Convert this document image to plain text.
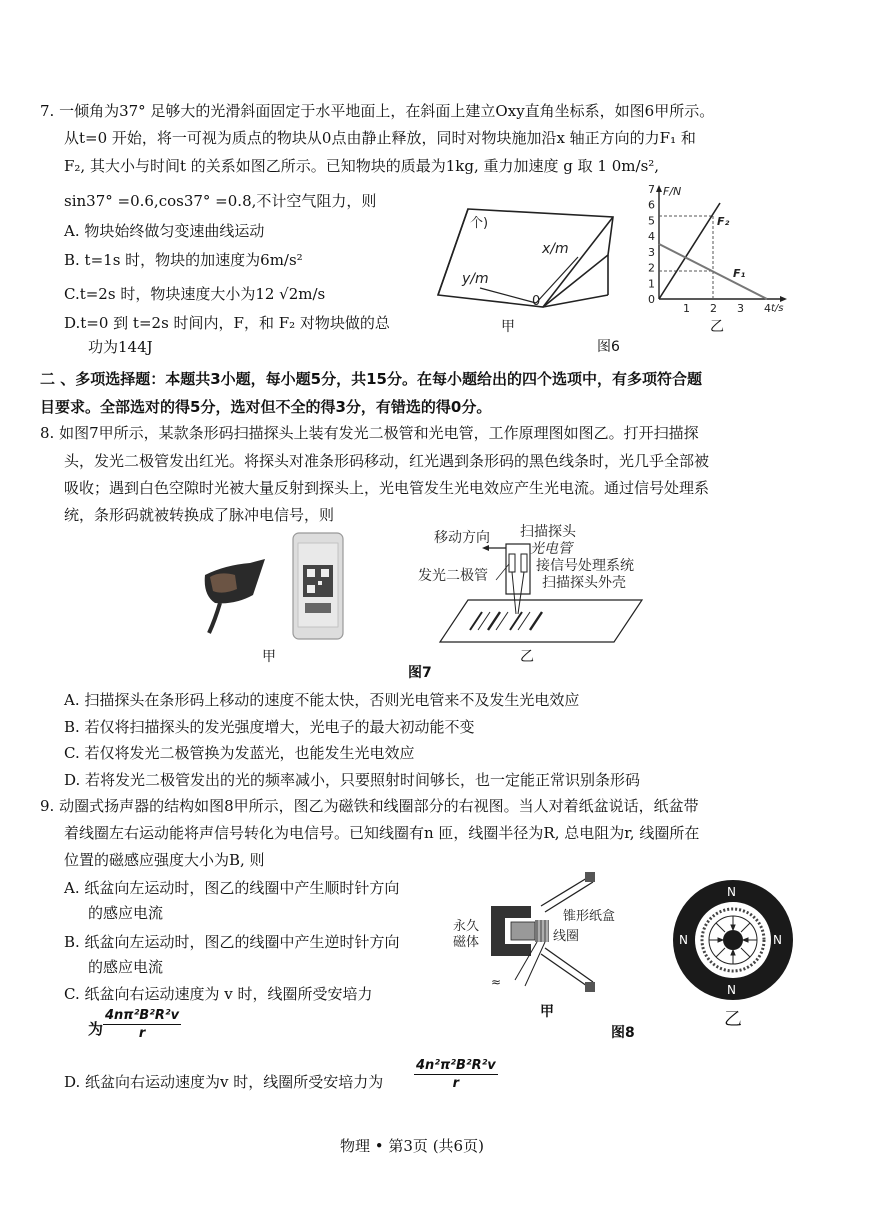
7. 一倾角为37° 足够大的光滑斜面固定于水平地面上，在斜面上建立Oxy直角坐标系，如图6甲所示。
从t=0 开始，将一可视为质点的物块从0点由静止释放，同时对物块施加沿x 轴正方向的力F₁ 和
F₂, 其大小与时间t 的关系如图乙所示。已知物块的质最为1kg, 重力加速度 g 取 1 0m/s²,
sin37° =0.6,cos37° =0.8,不计空气阻力，则
A. 物块始终做匀变速曲线运动
B. t=1s 时，物块的加速度为6m/s²
C.t=2s 时，物块速度大小为12 √2m/s
D.t=0 到 t=2s 时间内，F，和 F₂ 对物块做的总
功为144J
个)
x/m
y/m
0
甲
F/N
t/s
7
6
5
4
3
2
1
0
1 2 3 4
F₂
F₁
乙
图6
二 、多项选择题：本题共3小题，每小题5分，共15分。在每小题给出的四个选项中，有多项符合题
目要求。全部选对的得5分，选对但不全的得3分，有错选的得0分。
8. 如图7甲所示，某款条形码扫描探头上装有发光二极管和光电管，工作原理图如图乙。打开扫描探
头，发光二极管发出红光。将探头对准条形码移动，红光遇到条形码的黑色线条时，光几乎全部被
吸收；遇到白色空隙时光被大量反射到探头上，光电管发生光电效应产生光电流。通过信号处理系
统，条形码就被转换成了脉冲电信号，则
甲
移动方向 扫描探头
光电管
接信号处理系统
扫描探头外壳
发光二极管
乙
图7
A. 扫描探头在条形码上移动的速度不能太快，否则光电管来不及发生光电效应
B. 若仅将扫描探头的发光强度增大，光电子的最大初动能不变
C. 若仅将发光二极管换为发蓝光，也能发生光电效应
D. 若将发光二极管发出的光的频率减小，只要照射时间够长，也一定能正常识别条形码
9. 动圈式扬声器的结构如图8甲所示，图乙为磁铁和线圈部分的右视图。当人对着纸盆说话，纸盆带
着线圈左右运动能将声信号转化为电信号。已知线圈有n 匝，线圈半径为R, 总电阻为r, 线圈所在
位置的磁感应强度大小为B, 则
A. 纸盆向左运动时，图乙的线圈中产生顺时针方向
的感应电流
B. 纸盆向左运动时，图乙的线圈中产生逆时针方向
的感应电流
C. 纸盆向右运动速度为 v 时，线圈所受安培力
为 $\frac{\text{4nπ²B²R²v}}{r}$
D. 纸盆向右运动速度为v 时，线圈所受安培力为 $\frac{\text{4n²π²B²R²v}}{r}$
≈
永久
磁体
锥形纸盒
线圈
甲
图8
N
N
N	N
乙
物理 • 第3页 (共6页)
